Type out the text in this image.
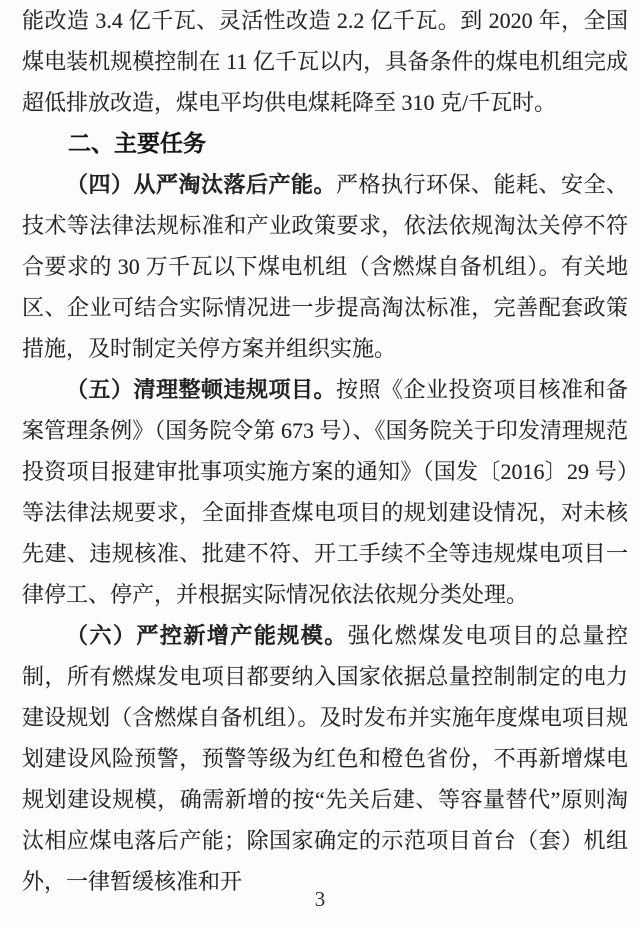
能改造 3.4 亿千瓦、灵活性改造 2.2 亿千瓦。到 2020 年，全国煤电装机规模控制在 11 亿千瓦以内，具备条件的煤电机组完成超低排放改造，煤电平均供电煤耗降至 310 克/千瓦时。

二、主要任务

（四）从严淘汰落后产能。严格执行环保、能耗、安全、技术等法律法规标准和产业政策要求，依法依规淘汰关停不符合要求的 30 万千瓦以下煤电机组（含燃煤自备机组）。有关地区、企业可结合实际情况进一步提高淘汰标准，完善配套政策措施，及时制定关停方案并组织实施。

（五）清理整顿违规项目。按照《企业投资项目核准和备案管理条例》（国务院令第 673 号）、《国务院关于印发清理规范投资项目报建审批事项实施方案的通知》（国发〔2016〕29 号）等法律法规要求，全面排查煤电项目的规划建设情况，对未核先建、违规核准、批建不符、开工手续不全等违规煤电项目一律停工、停产，并根据实际情况依法依规分类处理。

（六）严控新增产能规模。强化燃煤发电项目的总量控制，所有燃煤发电项目都要纳入国家依据总量控制制定的电力建设规划（含燃煤自备机组）。及时发布并实施年度煤电项目规划建设风险预警，预警等级为红色和橙色省份，不再新增煤电规划建设规模，确需新增的按“先关后建、等容量替代”原则淘汰相应煤电落后产能；除国家确定的示范项目首台（套）机组外，一律暂缓核准和开

3
